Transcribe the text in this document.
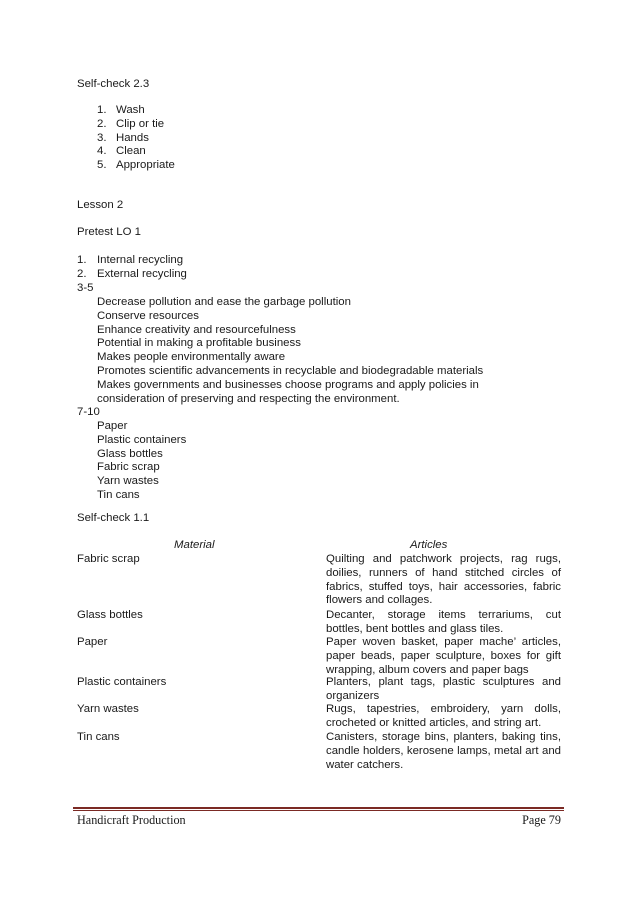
Self-check 2.3
1. Wash
2. Clip or tie
3. Hands
4. Clean
5. Appropriate
Lesson 2
Pretest LO 1
1. Internal recycling
2. External recycling
3-5
Decrease pollution and ease the garbage pollution
Conserve resources
Enhance creativity and resourcefulness
Potential in making a profitable business
Makes people environmentally aware
Promotes scientific advancements in recyclable and biodegradable materials
Makes governments and businesses choose programs and apply policies in
consideration of preserving and respecting the environment.
7-10
Paper
Plastic containers
Glass bottles
Fabric scrap
Yarn wastes
Tin cans
Self-check 1.1
Material	Articles
Fabric scrap	Quilting and patchwork projects, rag rugs, doilies, runners of hand stitched circles of fabrics, stuffed toys, hair accessories, fabric flowers and collages.
Glass bottles	Decanter, storage items terrariums, cut bottles, bent bottles and glass tiles.
Paper	Paper woven basket, paper mache’ articles, paper beads, paper sculpture, boxes for gift wrapping, album covers and paper bags
Plastic containers	Planters, plant tags, plastic sculptures and organizers
Yarn wastes	Rugs, tapestries, embroidery, yarn dolls, crocheted or knitted articles, and string art.
Tin cans	Canisters, storage bins, planters, baking tins, candle holders, kerosene lamps, metal art and water catchers.
Handicraft Production	Page 79
